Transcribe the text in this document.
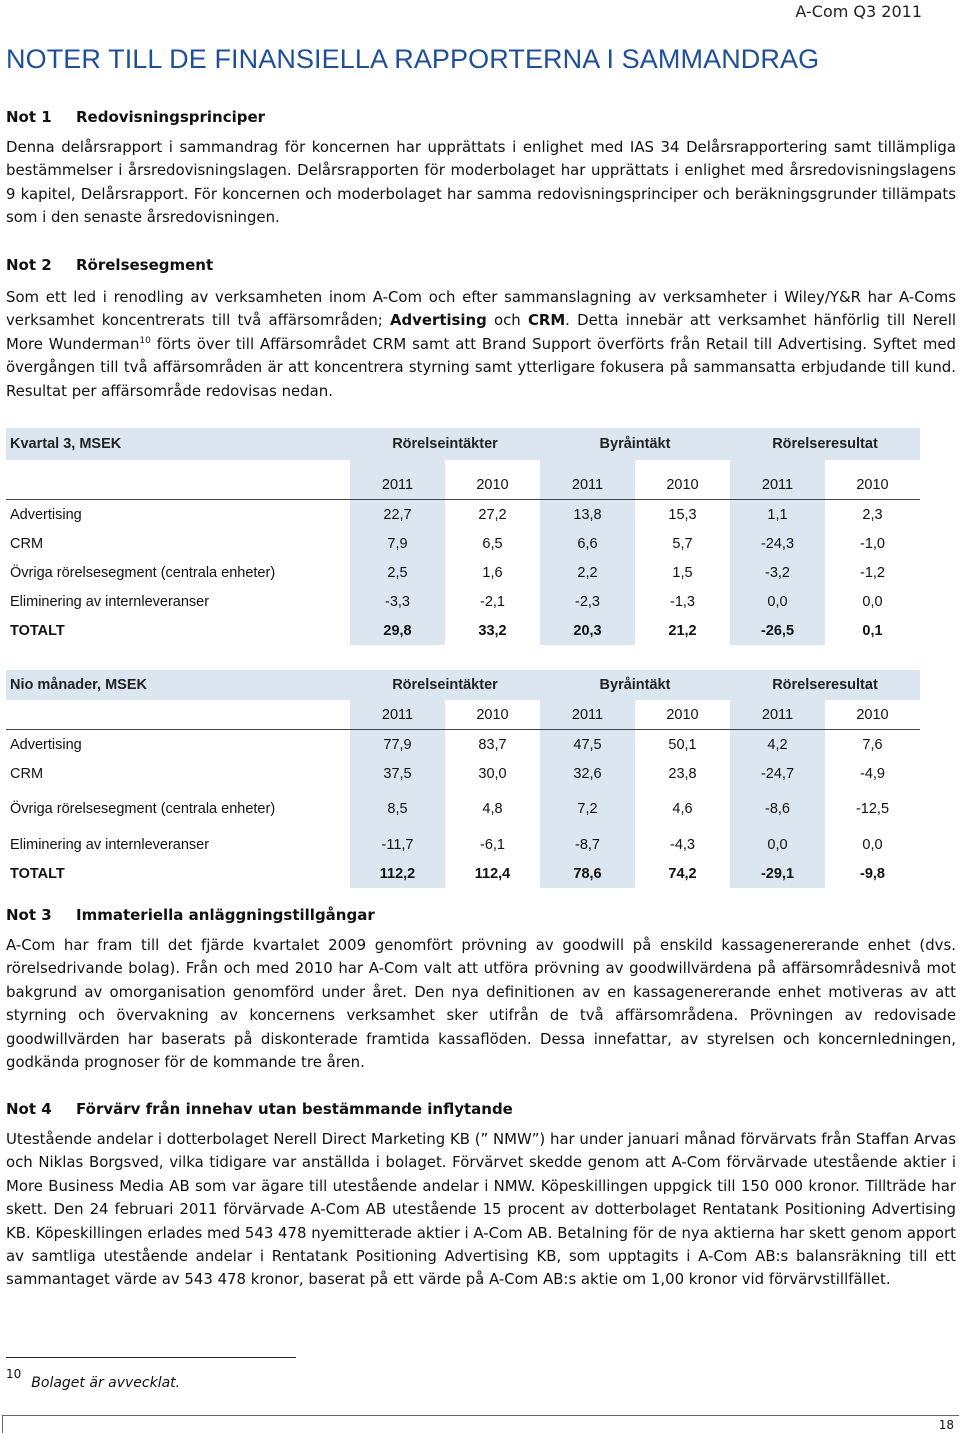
A-Com Q3 2011
NOTER TILL DE FINANSIELLA RAPPORTERNA I SAMMANDRAG
Not 1 Redovisningsprinciper
Denna delårsrapport i sammandrag för koncernen har upprättats i enlighet med IAS 34 Delårsrapportering samt tillämpliga bestämmelser i årsredovisningslagen. Delårsrapporten för moderbolaget har upprättats i enlighet med årsredovisningslagens 9 kapitel, Delårsrapport. För koncernen och moderbolaget har samma redovisningsprinciper och beräkningsgrunder tillämpats som i den senaste årsredovisningen.
Not 2 Rörelsesegment
Som ett led i renodling av verksamheten inom A-Com och efter sammanslagning av verksamheter i Wiley/Y&R har A-Coms verksamhet koncentrerats till två affärsområden; Advertising och CRM. Detta innebär att verksamhet hänförlig till Nerell More Wunderman$^{10}$ förts över till Affärsområdet CRM samt att Brand Support överförts från Retail till Advertising. Syftet med övergången till två affärsområden är att koncentrera styrning samt ytterligare fokusera på sammansatta erbjudande till kund. Resultat per affärsområde redovisas nedan.
Kvartal 3, MSEK	Rörelseintäkter		Byråintäkt		Rörelseresultat	

	2011	2010	2011	2010	2011	2010
Advertising	22,7	27,2	13,8	15,3	1,1	2,3
CRM	7,9	6,5	6,6	5,7	-24,3	-1,0
Övriga rörelsesegment (centrala enheter)	2,5	1,6	2,2	1,5	-3,2	-1,2
Eliminering av internleveranser	-3,3	-2,1	-2,3	-1,3	0,0	0,0
TOTALT	29,8	33,2	20,3	21,2	-26,5	0,1
Nio månader, MSEK	Rörelseintäkter		Byråintäkt		Rörelseresultat	
	2011	2010	2011	2010	2011	2010
Advertising	77,9	83,7	47,5	50,1	4,2	7,6
CRM	37,5	30,0	32,6	23,8	-24,7	-4,9
Övriga rörelsesegment (centrala enheter)	8,5	4,8	7,2	4,6	-8,6	-12,5
Eliminering av internleveranser	-11,7	-6,1	-8,7	-4,3	0,0	0,0
TOTALT	112,2	112,4	78,6	74,2	-29,1	-9,8
Not 3 Immateriella anläggningstillgångar
A-Com har fram till det fjärde kvartalet 2009 genomfört prövning av goodwill på enskild kassagenererande enhet (dvs. rörelsedrivande bolag). Från och med 2010 har A-Com valt att utföra prövning av goodwillvärdena på affärsområdesnivå mot bakgrund av omorganisation genomförd under året. Den nya definitionen av en kassagenererande enhet motiveras av att styrning och övervakning av koncernens verksamhet sker utifrån de två affärsområdena. Prövningen av redovisade goodwillvärden har baserats på diskonterade framtida kassaflöden. Dessa innefattar, av styrelsen och koncernledningen, godkända prognoser för de kommande tre åren.
Not 4 Förvärv från innehav utan bestämmande inflytande
Utestående andelar i dotterbolaget Nerell Direct Marketing KB (” NMW”) har under januari månad förvärvats från Staffan Arvas och Niklas Borgsved, vilka tidigare var anställda i bolaget. Förvärvet skedde genom att A-Com förvärvade utestående aktier i More Business Media AB som var ägare till utestående andelar i NMW. Köpeskillingen uppgick till 150 000 kronor. Tillträde har skett. Den 24 februari 2011 förvärvade A-Com AB utestående 15 procent av dotterbolaget Rentatank Positioning Advertising KB. Köpeskillingen erlades med 543 478 nyemitterade aktier i A-Com AB. Betalning för de nya aktierna har skett genom apport av samtliga utestående andelar i Rentatank Positioning Advertising KB, som upptagits i A-Com AB:s balansräkning till ett sammantaget värde av 543 478 kronor, baserat på ett värde på A-Com AB:s aktie om 1,00 kronor vid förvärvstillfället.
10Bolaget är avvecklat.
18
